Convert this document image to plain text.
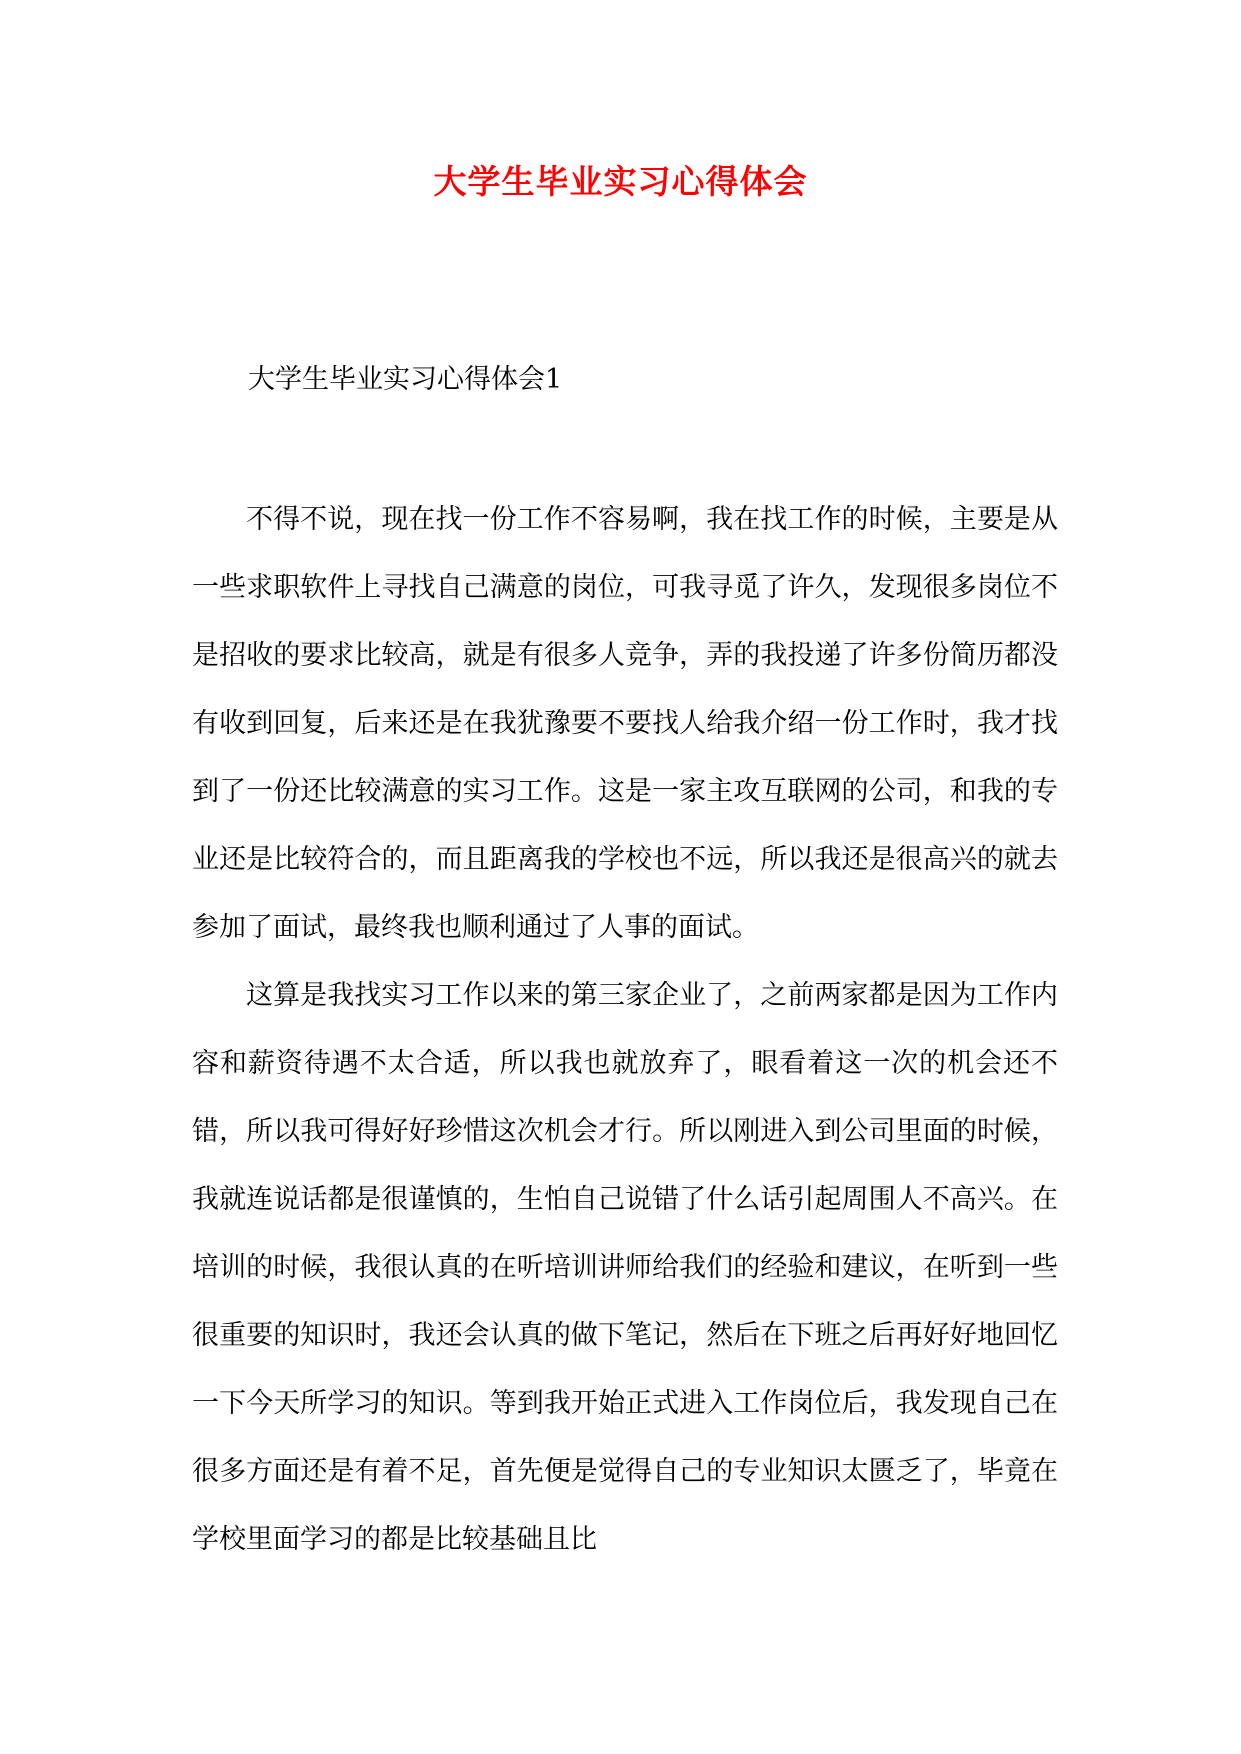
大学生毕业实习心得体会

大学生毕业实习心得体会1

不得不说，现在找一份工作不容易啊，我在找工作的时候，主要是从一些求职软件上寻找自己满意的岗位，可我寻觅了许久，发现很多岗位不是招收的要求比较高，就是有很多人竞争，弄的我投递了许多份简历都没有收到回复，后来还是在我犹豫要不要找人给我介绍一份工作时，我才找到了一份还比较满意的实习工作。这是一家主攻互联网的公司，和我的专业还是比较符合的，而且距离我的学校也不远，所以我还是很高兴的就去参加了面试，最终我也顺利通过了人事的面试。

这算是我找实习工作以来的第三家企业了，之前两家都是因为工作内容和薪资待遇不太合适，所以我也就放弃了，眼看着这一次的机会还不错，所以我可得好好珍惜这次机会才行。所以刚进入到公司里面的时候，我就连说话都是很谨慎的，生怕自己说错了什么话引起周围人不高兴。在培训的时候，我很认真的在听培训讲师给我们的经验和建议，在听到一些很重要的知识时，我还会认真的做下笔记，然后在下班之后再好好地回忆一下今天所学习的知识。等到我开始正式进入工作岗位后，我发现自己在很多方面还是有着不足，首先便是觉得自己的专业知识太匮乏了，毕竟在学校里面学习的都是比较基础且比
